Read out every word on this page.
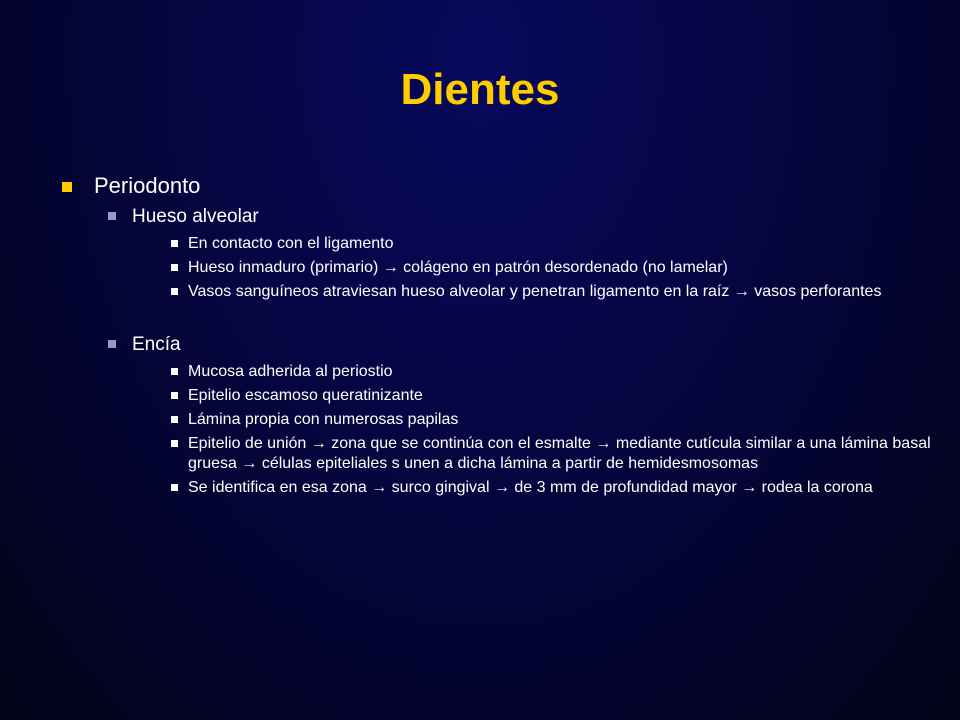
Dientes
Periodonto
Hueso alveolar
En contacto con el ligamento
Hueso inmaduro (primario) → colágeno en patrón desordenado (no lamelar)
Vasos sanguíneos atraviesan hueso alveolar y penetran ligamento en la raíz → vasos perforantes
Encía
Mucosa adherida al periostio
Epitelio escamoso queratinizante
Lámina propia con numerosas papilas
Epitelio de unión → zona que se continúa con el esmalte → mediante cutícula similar a una lámina basal gruesa → células epiteliales s unen a dicha lámina a partir de hemidesmosomas
Se identifica en esa zona → surco gingival → de 3 mm de profundidad mayor → rodea la corona
